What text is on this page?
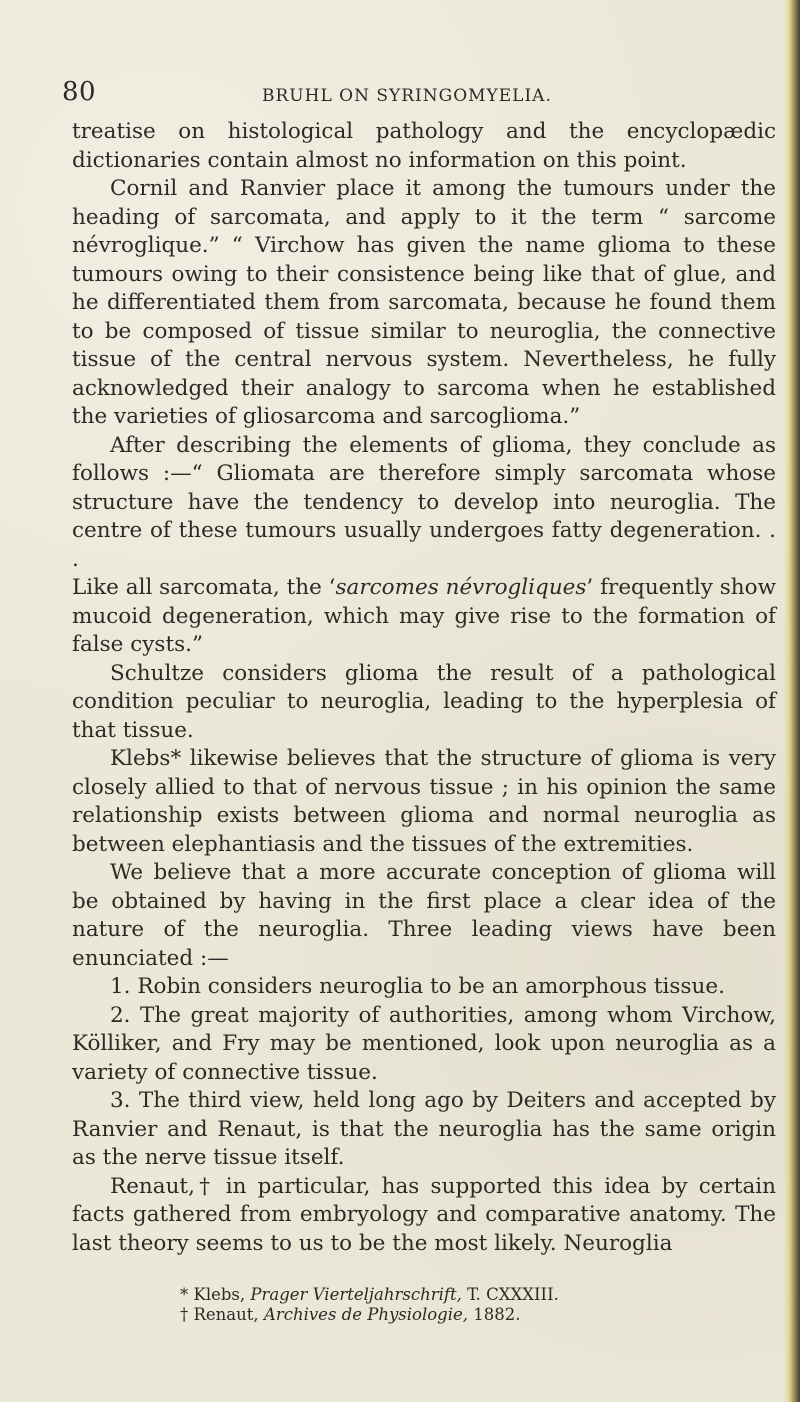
80	BRUHL ON SYRINGOMYELIA.

treatise on histological pathology and the encyclopædic dictionaries contain almost no information on this point.

Cornil and Ranvier place it among the tumours under the heading of sarcomata, and apply to it the term “ sarcome névroglique.” “ Virchow has given the name glioma to these tumours owing to their consistence being like that of glue, and he differentiated them from sarcomata, because he found them to be composed of tissue similar to neuroglia, the connective tissue of the central nervous system. Nevertheless, he fully acknowledged their analogy to sarcoma when he established the varieties of gliosarcoma and sarcoglioma.”

After describing the elements of glioma, they conclude as follows :—“ Gliomata are therefore simply sarcomata whose structure have the tendency to develop into neuroglia. The centre of these tumours usually undergoes fatty degeneration. . .

Like all sarcomata, the ‘sarcomes névrogliques’ frequently show mucoid degeneration, which may give rise to the formation of false cysts.”

Schultze considers glioma the result of a pathological condition peculiar to neuroglia, leading to the hyperplesia of that tissue.

Klebs* likewise believes that the structure of glioma is very closely allied to that of nervous tissue ; in his opinion the same relationship exists between glioma and normal neuroglia as between elephantiasis and the tissues of the extremities.

We believe that a more accurate conception of glioma will be obtained by having in the first place a clear idea of the nature of the neuroglia. Three leading views have been enunciated :—

1. Robin considers neuroglia to be an amorphous tissue.

2. The great majority of authorities, among whom Virchow, Kölliker, and Fry may be mentioned, look upon neuroglia as a variety of connective tissue.

3. The third view, held long ago by Deiters and accepted by Ranvier and Renaut, is that the neuroglia has the same origin as the nerve tissue itself.

Renaut,† in particular, has supported this idea by certain facts gathered from embryology and comparative anatomy. The last theory seems to us to be the most likely. Neuroglia

* Klebs, Prager Vierteljahrschrift, T. CXXXIII.
† Renaut, Archives de Physiologie, 1882.
